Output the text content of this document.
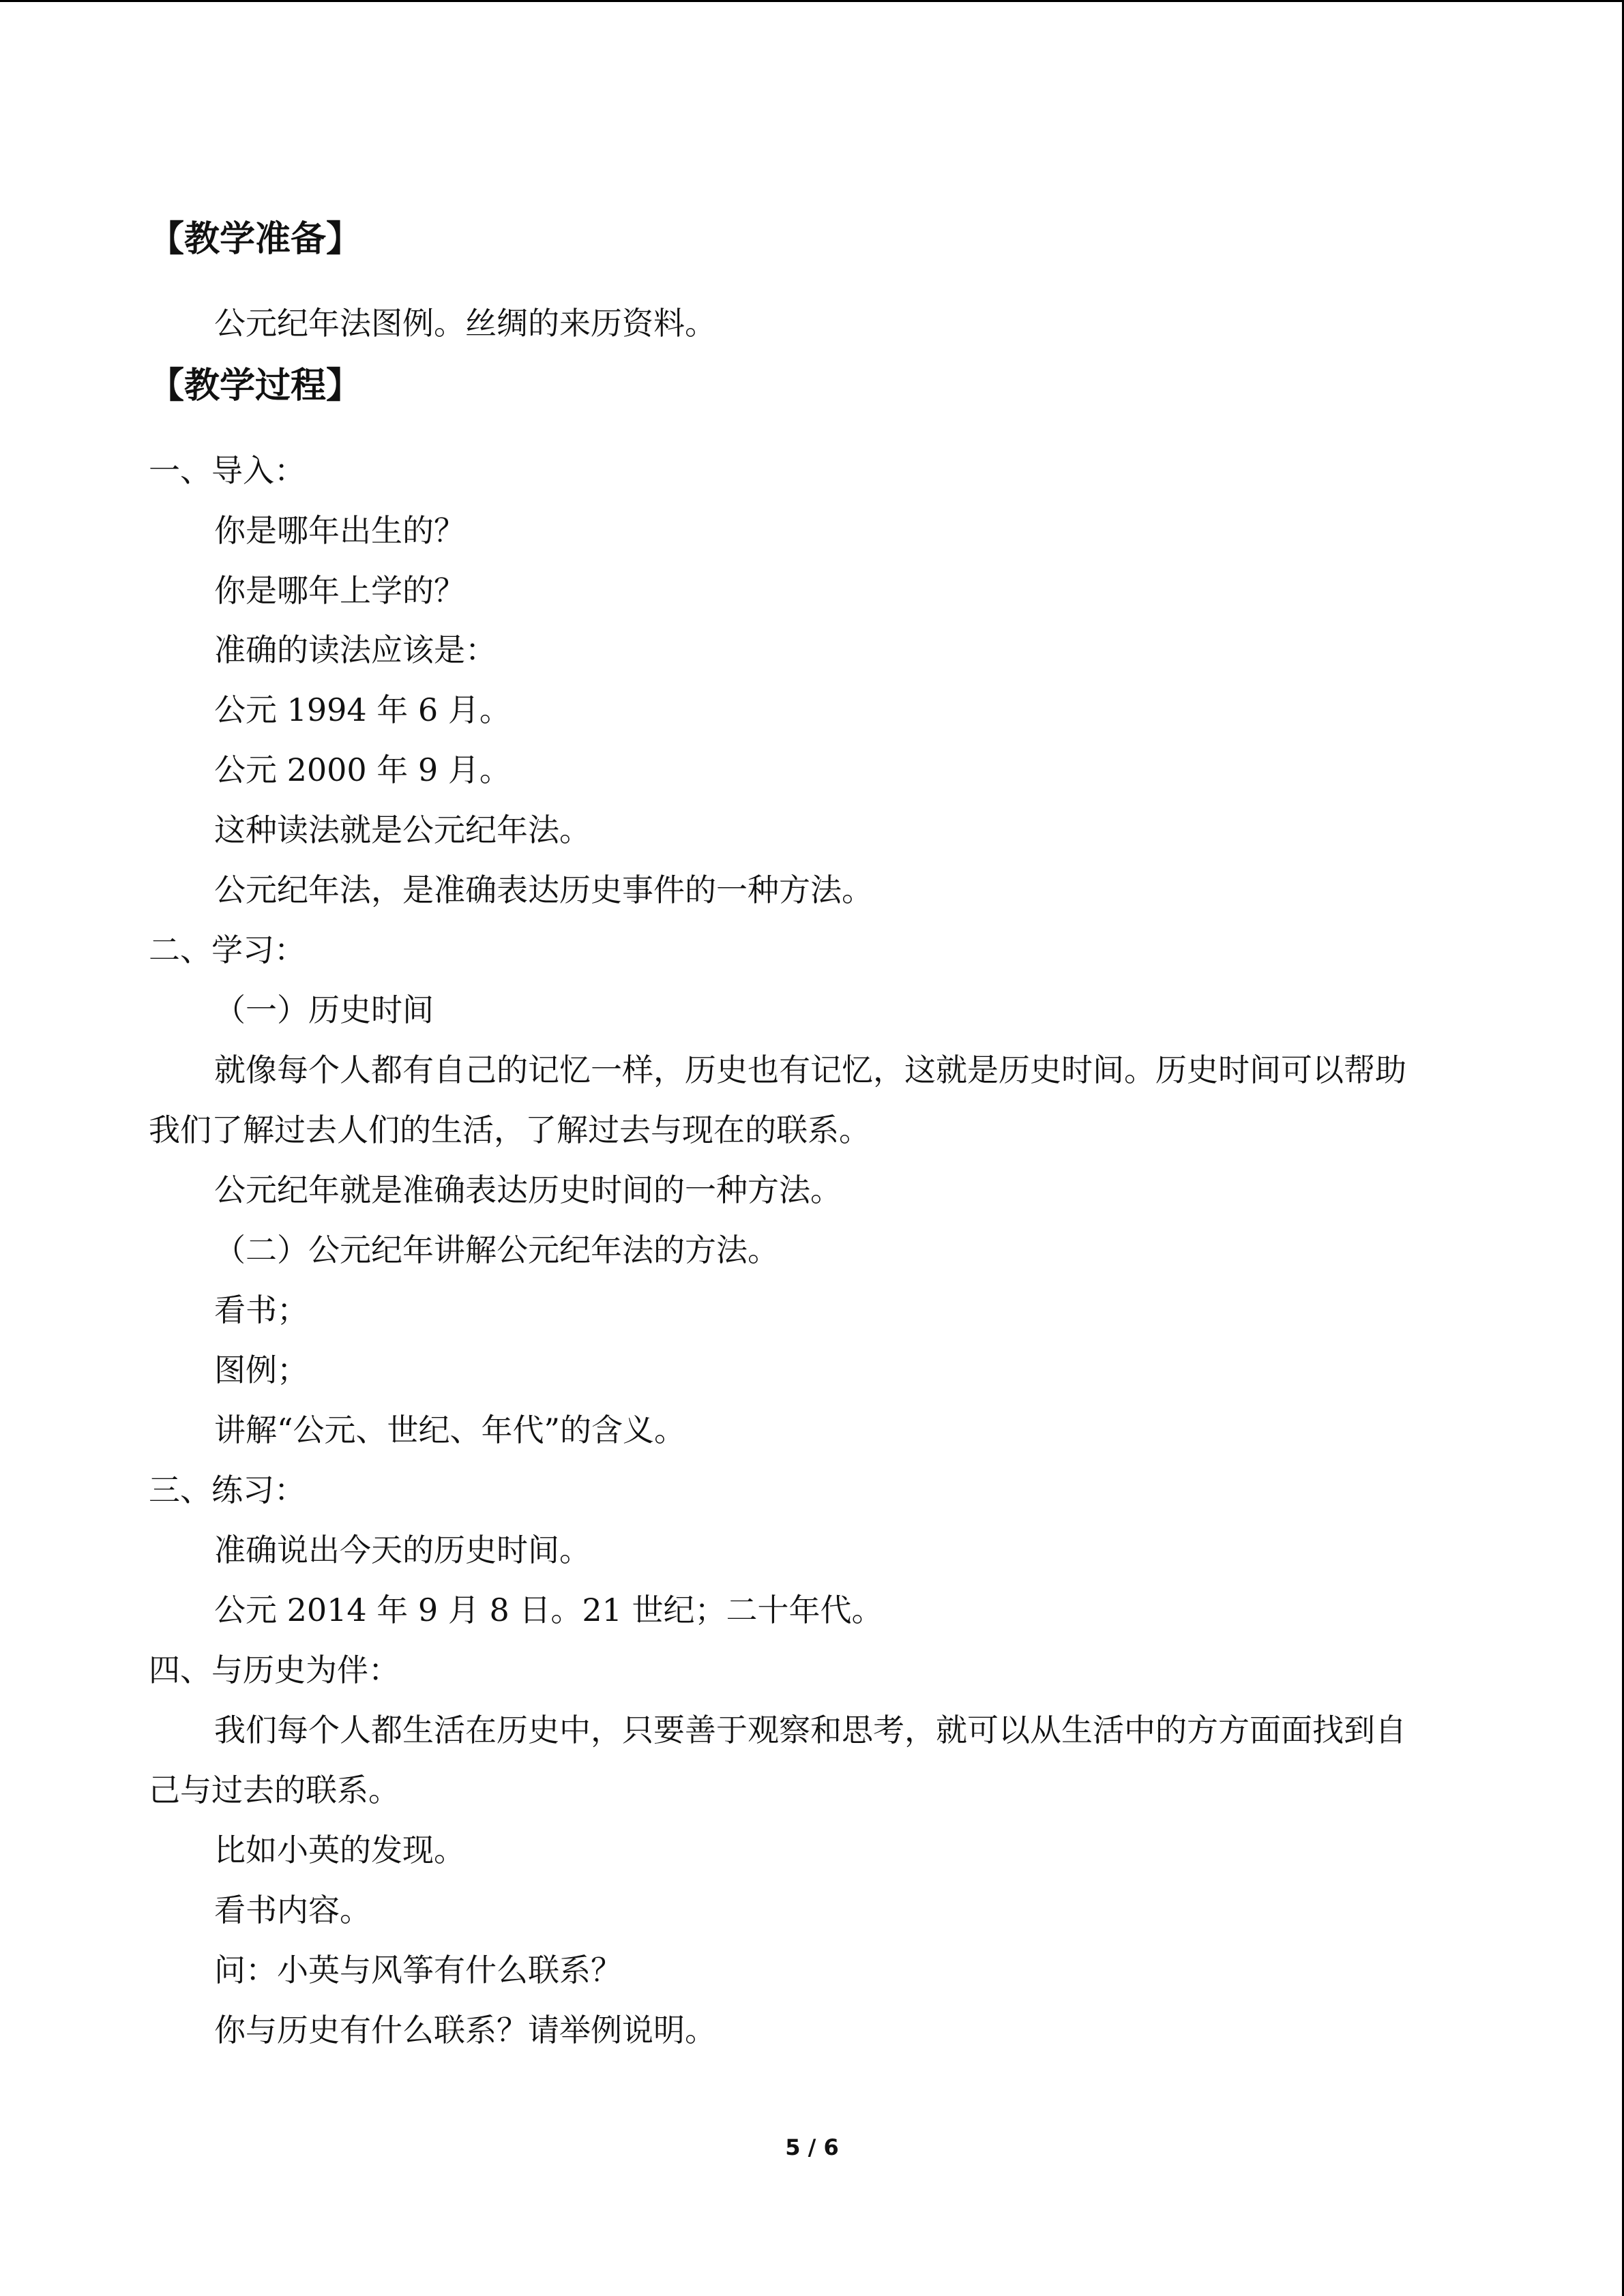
【教学准备】
公元纪年法图例。丝绸的来历资料。
【教学过程】
一、导入：
你是哪年出生的？
你是哪年上学的？
准确的读法应该是：
公元 1994 年 6 月。
公元 2000 年 9 月。
这种读法就是公元纪年法。
公元纪年法，是准确表达历史事件的一种方法。
二、学习：
（一）历史时间
就像每个人都有自己的记忆一样，历史也有记忆，这就是历史时间。历史时间可以帮助
我们了解过去人们的生活，了解过去与现在的联系。
公元纪年就是准确表达历史时间的一种方法。
（二）公元纪年讲解公元纪年法的方法。
看书；
图例；
讲解“公元、世纪、年代”的含义。
三、练习：
准确说出今天的历史时间。
公元 2014 年 9 月 8 日。21 世纪；二十年代。
四、与历史为伴：
我们每个人都生活在历史中，只要善于观察和思考，就可以从生活中的方方面面找到自
己与过去的联系。
比如小英的发现。
看书内容。
问：小英与风筝有什么联系？
你与历史有什么联系？请举例说明。
5 / 6
